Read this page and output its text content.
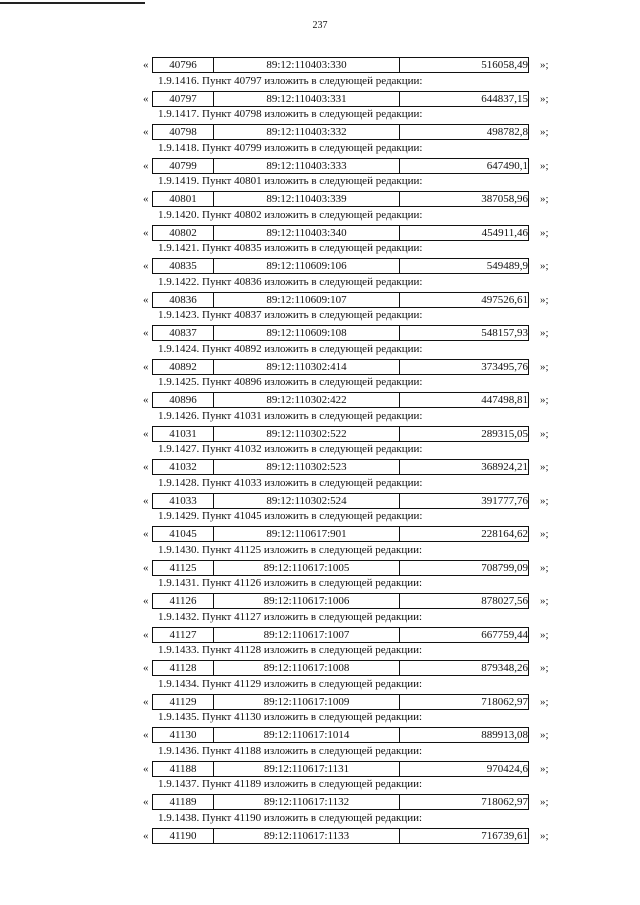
237
« 40796	89:12:110403:330	516058,49 »;
1.9.1416. Пункт 40797 изложить в следующей редакции:
« 40797	89:12:110403:331	644837,15 »;
1.9.1417. Пункт 40798 изложить в следующей редакции:
« 40798	89:12:110403:332	498782,8 »;
1.9.1418. Пункт 40799 изложить в следующей редакции:
« 40799	89:12:110403:333	647490,1 »;
1.9.1419. Пункт 40801 изложить в следующей редакции:
« 40801	89:12:110403:339	387058,96 »;
1.9.1420. Пункт 40802 изложить в следующей редакции:
« 40802	89:12:110403:340	454911,46 »;
1.9.1421. Пункт 40835 изложить в следующей редакции:
« 40835	89:12:110609:106	549489,9 »;
1.9.1422. Пункт 40836 изложить в следующей редакции:
« 40836	89:12:110609:107	497526,61 »;
1.9.1423. Пункт 40837 изложить в следующей редакции:
« 40837	89:12:110609:108	548157,93 »;
1.9.1424. Пункт 40892 изложить в следующей редакции:
« 40892	89:12:110302:414	373495,76 »;
1.9.1425. Пункт 40896 изложить в следующей редакции:
« 40896	89:12:110302:422	447498,81 »;
1.9.1426. Пункт 41031 изложить в следующей редакции:
« 41031	89:12:110302:522	289315,05 »;
1.9.1427. Пункт 41032 изложить в следующей редакции:
« 41032	89:12:110302:523	368924,21 »;
1.9.1428. Пункт 41033 изложить в следующей редакции:
« 41033	89:12:110302:524	391777,76 »;
1.9.1429. Пункт 41045 изложить в следующей редакции:
« 41045	89:12:110617:901	228164,62 »;
1.9.1430. Пункт 41125 изложить в следующей редакции:
« 41125	89:12:110617:1005	708799,09 »;
1.9.1431. Пункт 41126 изложить в следующей редакции:
« 41126	89:12:110617:1006	878027,56 »;
1.9.1432. Пункт 41127 изложить в следующей редакции:
« 41127	89:12:110617:1007	667759,44 »;
1.9.1433. Пункт 41128 изложить в следующей редакции:
« 41128	89:12:110617:1008	879348,26 »;
1.9.1434. Пункт 41129 изложить в следующей редакции:
« 41129	89:12:110617:1009	718062,97 »;
1.9.1435. Пункт 41130 изложить в следующей редакции:
« 41130	89:12:110617:1014	889913,08 »;
1.9.1436. Пункт 41188 изложить в следующей редакции:
« 41188	89:12:110617:1131	970424,6 »;
1.9.1437. Пункт 41189 изложить в следующей редакции:
« 41189	89:12:110617:1132	718062,97 »;
1.9.1438. Пункт 41190 изложить в следующей редакции:
« 41190	89:12:110617:1133	716739,61 »;
